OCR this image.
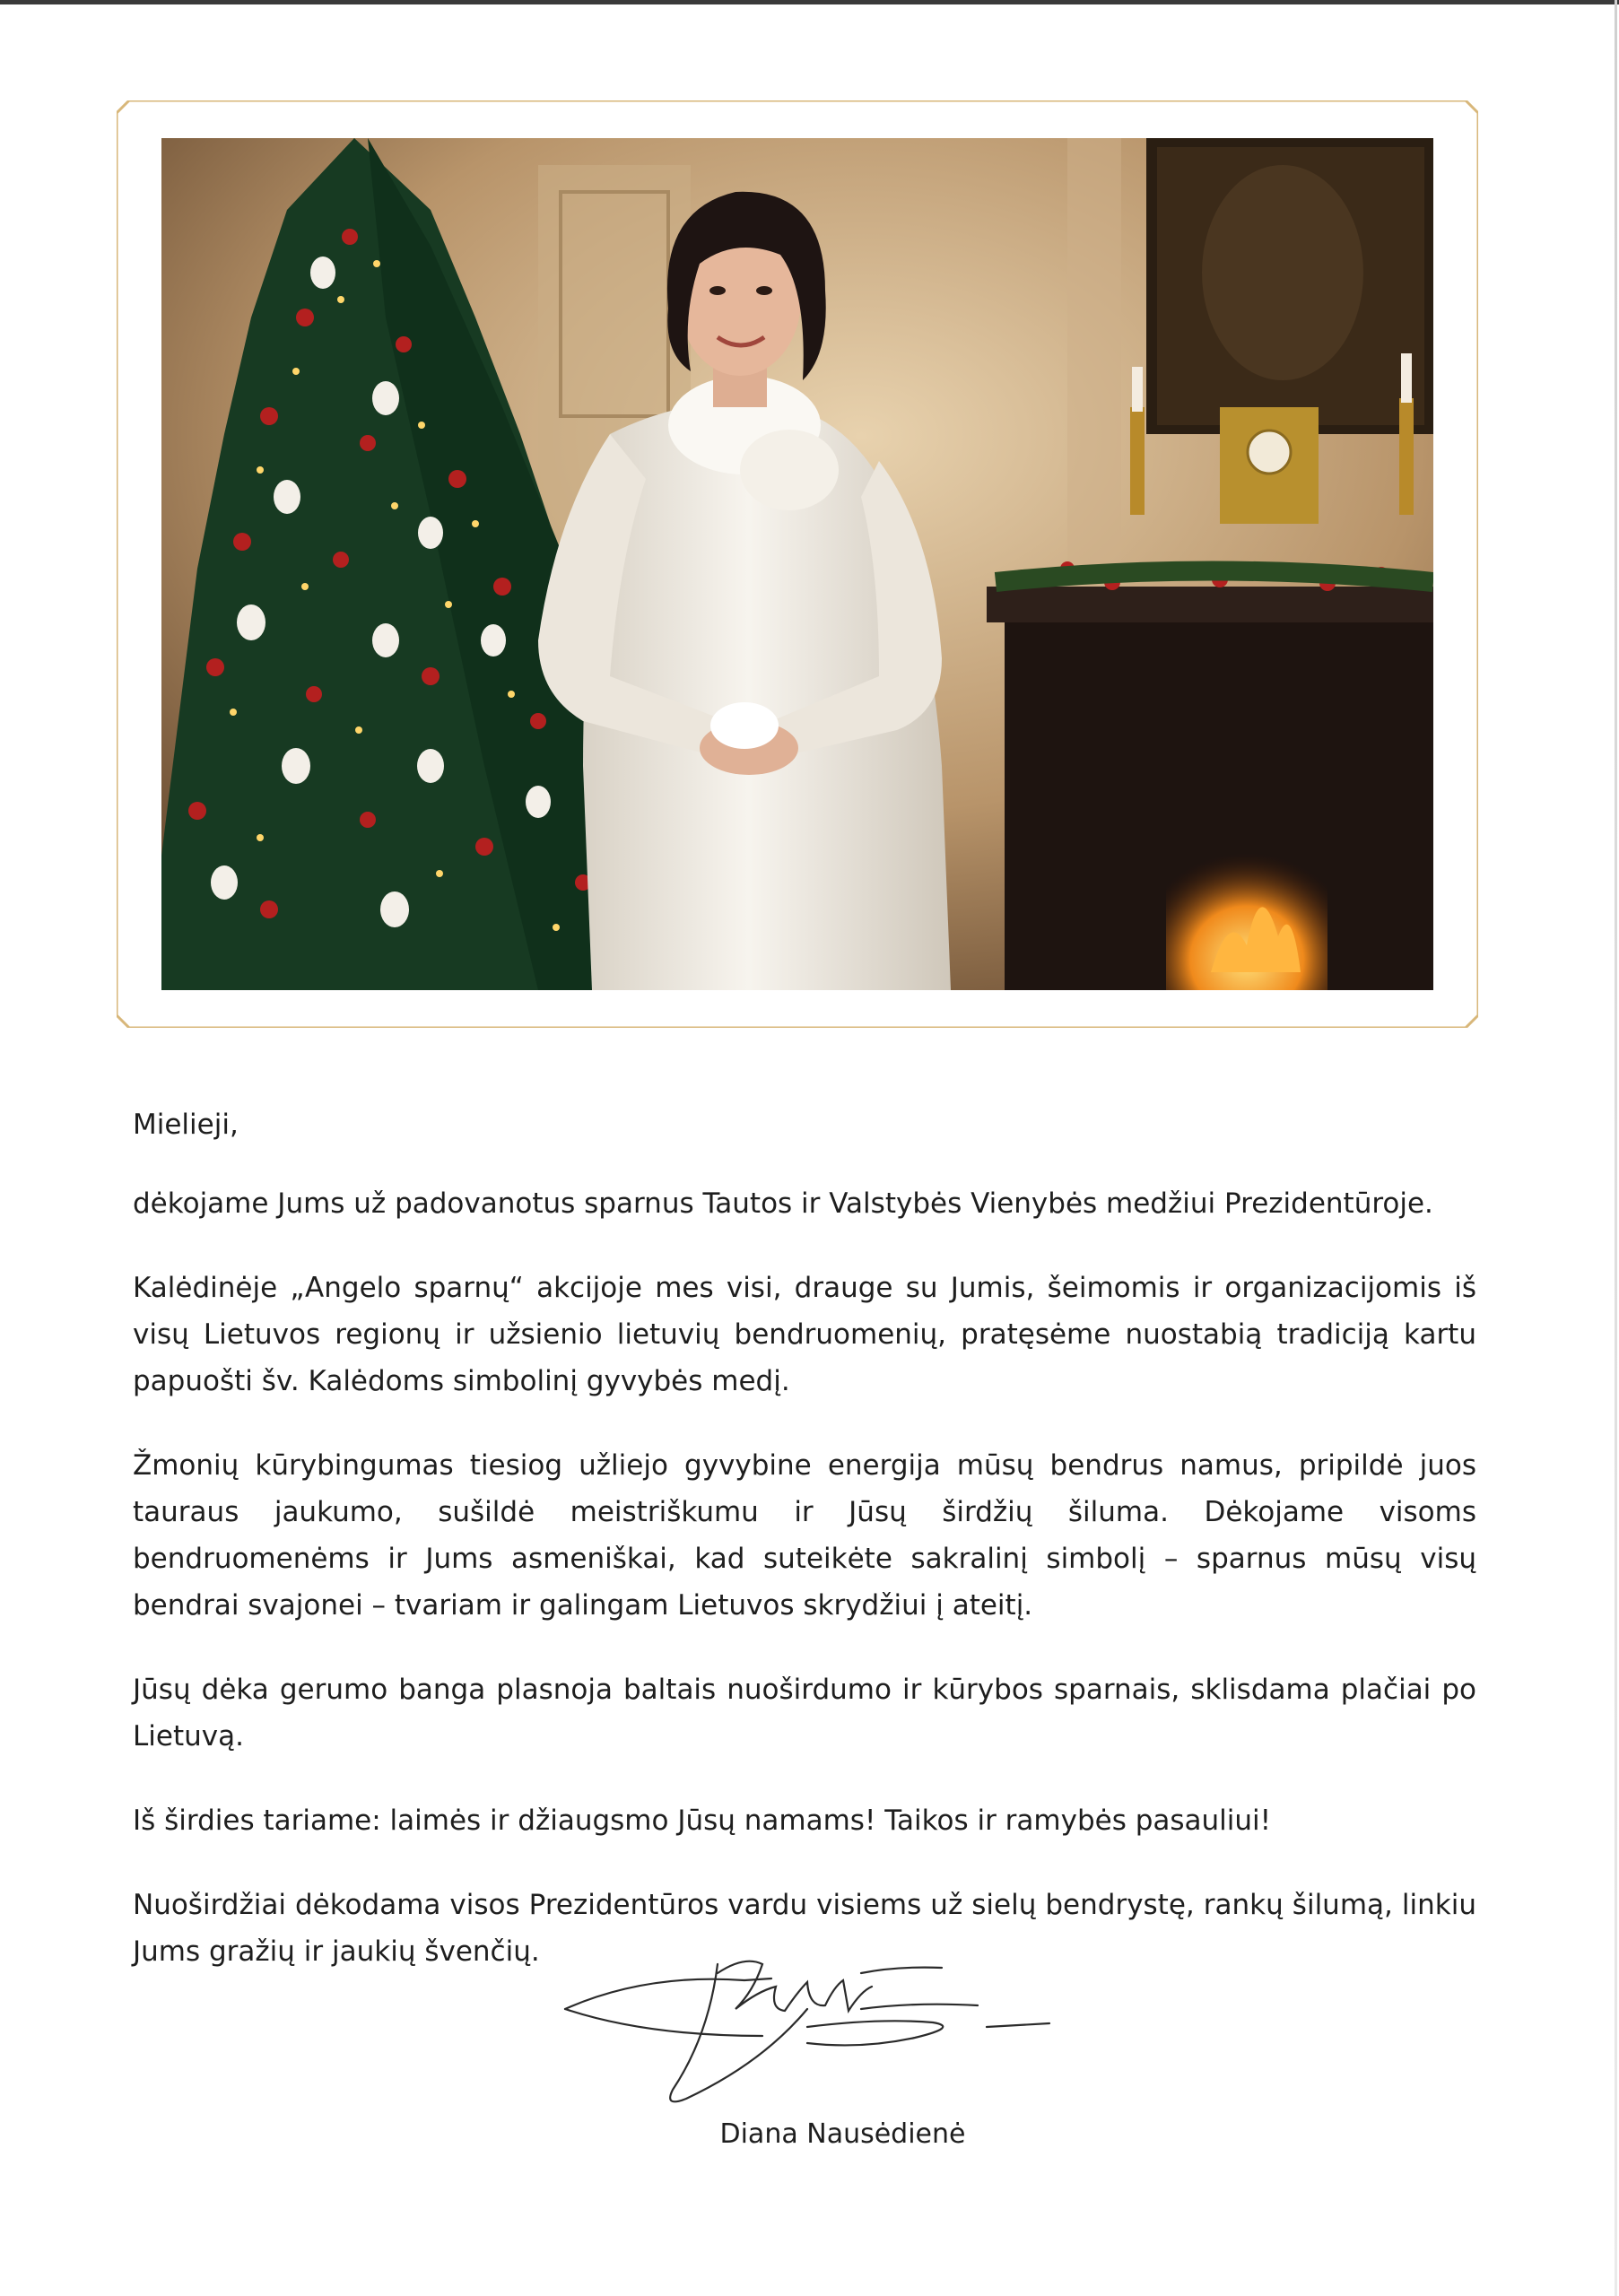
Mielieji,

dėkojame Jums už padovanotus sparnus Tautos ir Valstybės Vienybės medžiui Prezidentūroje.

Kalėdinėje „Angelo sparnų“ akcijoje mes visi, drauge su Jumis, šeimomis ir organizacijomis iš visų Lietuvos regionų ir užsienio lietuvių bendruomenių, pratęsėme nuostabią tradiciją kartu papuošti šv. Kalėdoms simbolinį gyvybės medį.

Žmonių kūrybingumas tiesiog užliejo gyvybine energija mūsų bendrus namus, pripildė juos tauraus jaukumo, sušildė meistriškumu ir Jūsų širdžių šiluma. Dėkojame visoms bendruomenėms ir Jums asmeniškai, kad suteikėte sakralinį simbolį – sparnus mūsų visų bendrai svajonei – tvariam ir galingam Lietuvos skrydžiui į ateitį.

Jūsų dėka gerumo banga plasnoja baltais nuoširdumo ir kūrybos sparnais, sklisdama plačiai po Lietuvą.

Iš širdies tariame: laimės ir džiaugsmo Jūsų namams! Taikos ir ramybės pasauliui!

Nuoširdžiai dėkodama visos Prezidentūros vardu visiems už sielų bendrystę, rankų šilumą, linkiu Jums gražių ir jaukių švenčių.

Diana Nausėdienė
